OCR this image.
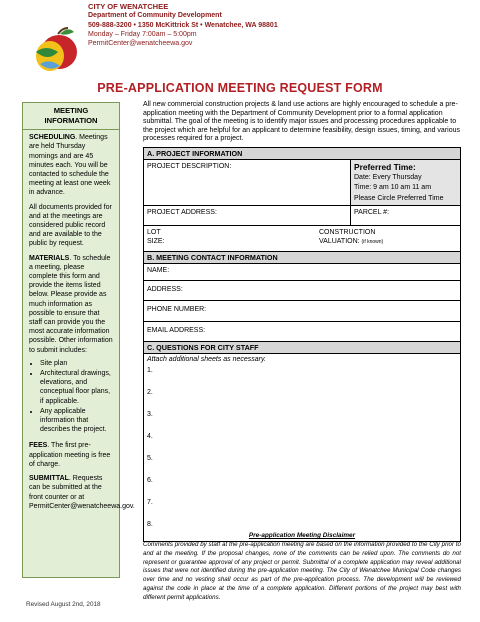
CITY OF WENATCHEE
Department of Community Development
509-888-3200 • 1350 McKittrick St • Wenatchee, WA 98801
Monday – Friday 7:00am – 5:00pm
PermitCenter@wenatcheewa.gov
PRE-APPLICATION MEETING REQUEST FORM
MEETING
INFORMATION
SCHEDULING. Meetings are held Thursday mornings and are 45 minutes each. You will be contacted to schedule the meeting at least one week in advance.
All documents provided for and at the meetings are considered public record and are available to the public by request.
MATERIALS. To schedule a meeting, please complete this form and provide the items listed below. Please provide as much information as possible to ensure that staff can provide you the most accurate information possible. Other information to submit includes:
• Site plan
• Architectural drawings, elevations, and conceptual floor plans, if applicable.
• Any applicable information that describes the project.
FEES. The first pre-application meeting is free of charge.
SUBMITTAL. Requests can be submitted at the front counter or at PermitCenter@wenatcheewa.gov.
Revised August 2nd, 2018
All new commercial construction projects & land use actions are highly encouraged to schedule a pre-application meeting with the Department of Community Development prior to a formal application submittal. The goal of the meeting is to identify major issues and processing procedures applicable to the project which are helpful for an applicant to determine feasibility, design issues, timing, and various processes required for a project.
A. PROJECT INFORMATION
PROJECT DESCRIPTION:	Preferred Time:
Date: Every Thursday
Time: 9 am 10 am 11 am
Please Circle Preferred Time
PROJECT ADDRESS:	PARCEL #:
LOT
SIZE:
CONSTRUCTION
VALUATION: (if known)
B. MEETING CONTACT INFORMATION
NAME:
ADDRESS:
PHONE NUMBER:
EMAIL ADDRESS:
C. QUESTIONS FOR CITY STAFF
Attach additional sheets as necessary.
1.
2.
3.
4.
5.
6.
7.
8.
Pre-application Meeting Disclaimer
Comments provided by staff at the pre-application meeting are based on the information provided to the City prior to and at the meeting. If the proposal changes, none of the comments can be relied upon. The comments do not represent or guarantee approval of any project or permit. Submittal of a complete application may reveal additional issues that were not identified during the pre-application meeting. The City of Wenatchee Municipal Code changes over time and no vesting shall occur as part of the pre-application process. The development will be reviewed against the code in place at the time of a complete application. Different portions of the project may best with different permit applications.
